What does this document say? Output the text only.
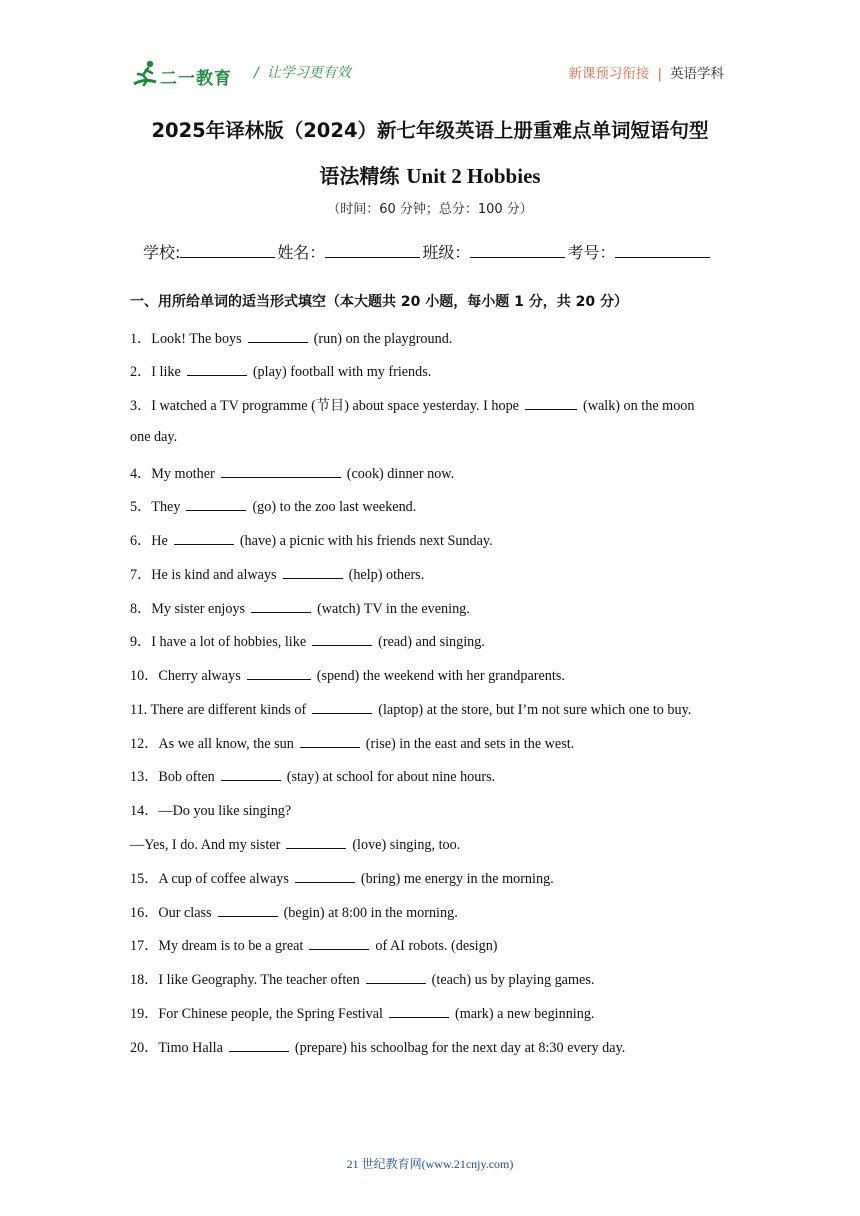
二一教育 / 让学习更有效	新课预习衔接 | 英语学科
2025年译林版（2024）新七年级英语上册重难点单词短语句型
语法精练 Unit 2 Hobbies
（时间：60 分钟；总分：100 分）
学校:	姓名：	班级：	考号：
一、用所给单词的适当形式填空（本大题共 20 小题，每小题 1 分，共 20 分）
1．Look! The boys	(run) on the playground.
2．I like	(play) football with my friends.
3．I watched a TV programme (节目) about space yesterday. I hope	(walk) on the moon
one day.
4．My mother	(cook) dinner now.
5．They	(go) to the zoo last weekend.
6．He	(have) a picnic with his friends next Sunday.
7．He is kind and always	(help) others.
8．My sister enjoys	(watch) TV in the evening.
9．I have a lot of hobbies, like	(read) and singing.
10．Cherry always	(spend) the weekend with her grandparents.
11. There are different kinds of	(laptop) at the store, but I’m not sure which one to buy.
12．As we all know, the sun	(rise) in the east and sets in the west.
13．Bob often	(stay) at school for about nine hours.
14．—Do you like singing?
—Yes, I do. And my sister	(love) singing, too.
15．A cup of coffee always	(bring) me energy in the morning.
16．Our class	(begin) at 8:00 in the morning.
17．My dream is to be a great	of AI robots. (design)
18．I like Geography. The teacher often	(teach) us by playing games.
19．For Chinese people, the Spring Festival	(mark) a new beginning.
20．Timo Halla	(prepare) his schoolbag for the next day at 8:30 every day.
21 世纪教育网(www.21cnjy.com)
